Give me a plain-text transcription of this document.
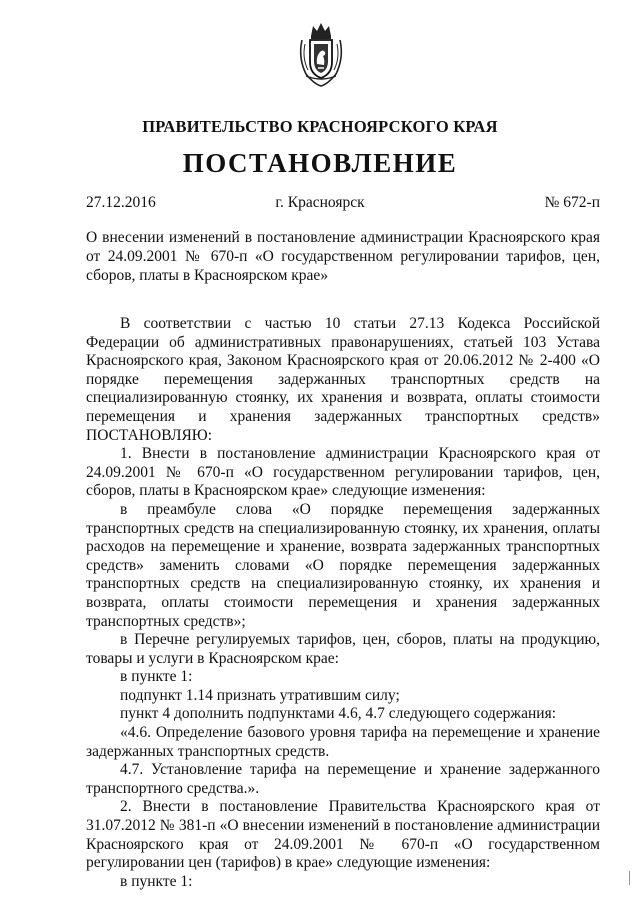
ПРАВИТЕЛЬСТВО КРАСНОЯРСКОГО КРАЯ
ПОСТАНОВЛЕНИЕ
27.12.2016	г. Красноярск	№ 672-п
О внесении изменений в постановление администрации Красноярского края от 24.09.2001 № 670-п «О государственном регулировании тарифов, цен, сборов, платы в Красноярском крае»

В соответствии с частью 10 статьи 27.13 Кодекса Российской Федерации об административных правонарушениях, статьей 103 Устава Красноярского края, Законом Красноярского края от 20.06.2012 № 2-400 «О порядке перемещения задержанных транспортных средств на специализированную стоянку, их хранения и возврата, оплаты стоимости перемещения и хранения задержанных транспортных средств» ПОСТАНОВЛЯЮ:

1. Внести в постановление администрации Красноярского края от 24.09.2001 № 670-п «О государственном регулировании тарифов, цен, сборов, платы в Красноярском крае» следующие изменения:

в преамбуле слова «О порядке перемещения задержанных транспортных средств на специализированную стоянку, их хранения, оплаты расходов на перемещение и хранение, возврата задержанных транспортных средств» заменить словами «О порядке перемещения задержанных транспортных средств на специализированную стоянку, их хранения и возврата, оплаты стоимости перемещения и хранения задержанных транспортных средств»;

в Перечне регулируемых тарифов, цен, сборов, платы на продукцию, товары и услуги в Красноярском крае:

в пункте 1:

подпункт 1.14 признать утратившим силу;

пункт 4 дополнить подпунктами 4.6, 4.7 следующего содержания:

«4.6. Определение базового уровня тарифа на перемещение и хранение задержанных транспортных средств.

4.7. Установление тарифа на перемещение и хранение задержанного транспортного средства.».

2. Внести в постановление Правительства Красноярского края от 31.07.2012 № 381-п «О внесении изменений в постановление администрации Красноярского края от 24.09.2001 № 670-п «О государственном регулировании цен (тарифов) в крае» следующие изменения:

в пункте 1:
